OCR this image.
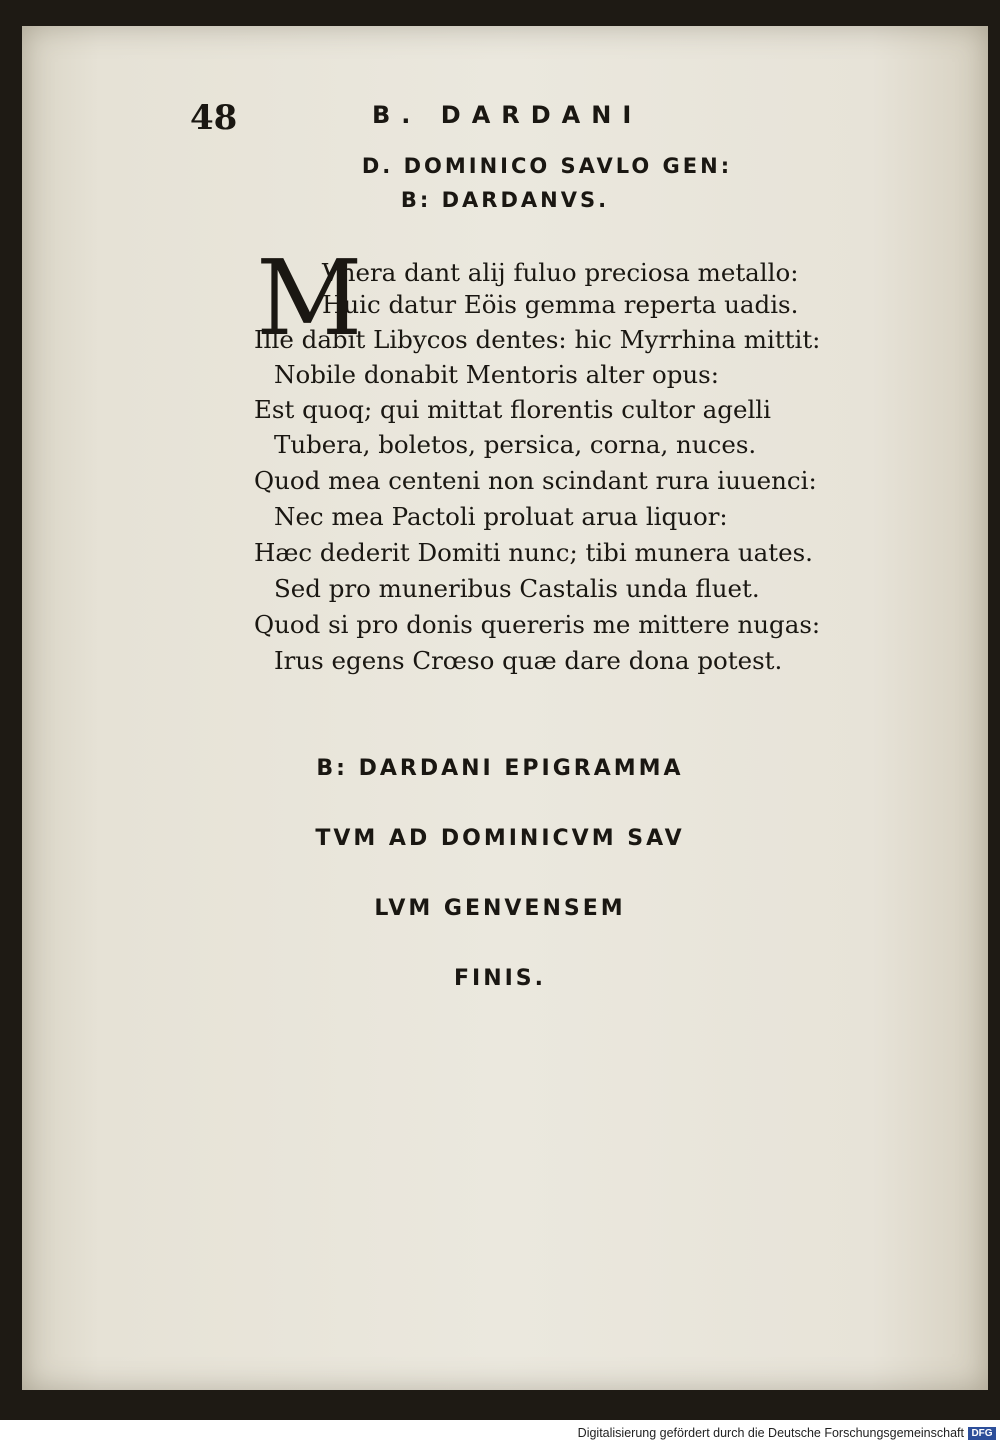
48	B. DARDANI
D. DOMINICO SAVLO GEN:
B: DARDANVS.
M
Vnera dant alij fuluo preciosa metallo:
Huic datur Eöis gemma reperta uadis.
Ille dabit Libycos dentes: hic Myrrhina mittit:
Nobile donabit Mentoris alter opus:
Est quoq; qui mittat florentis cultor agelli
Tubera, boletos, persica, corna, nuces.
Quod mea centeni non scindant rura iuuenci:
Nec mea Pactoli proluat arua liquor:
Hæc dederit Domiti nunc; tibi munera uates.
Sed pro muneribus Castalis unda fluet.
Quod si pro donis quereris me mittere nugas:
Irus egens Crœso quæ dare dona potest.
B: DARDANI EPIGRAMMA
TVM AD DOMINICVM SAV
LVM GENVENSEM
FINIS.
Digitalisierung gefördert durch die Deutsche Forschungsgemeinschaft DFG
